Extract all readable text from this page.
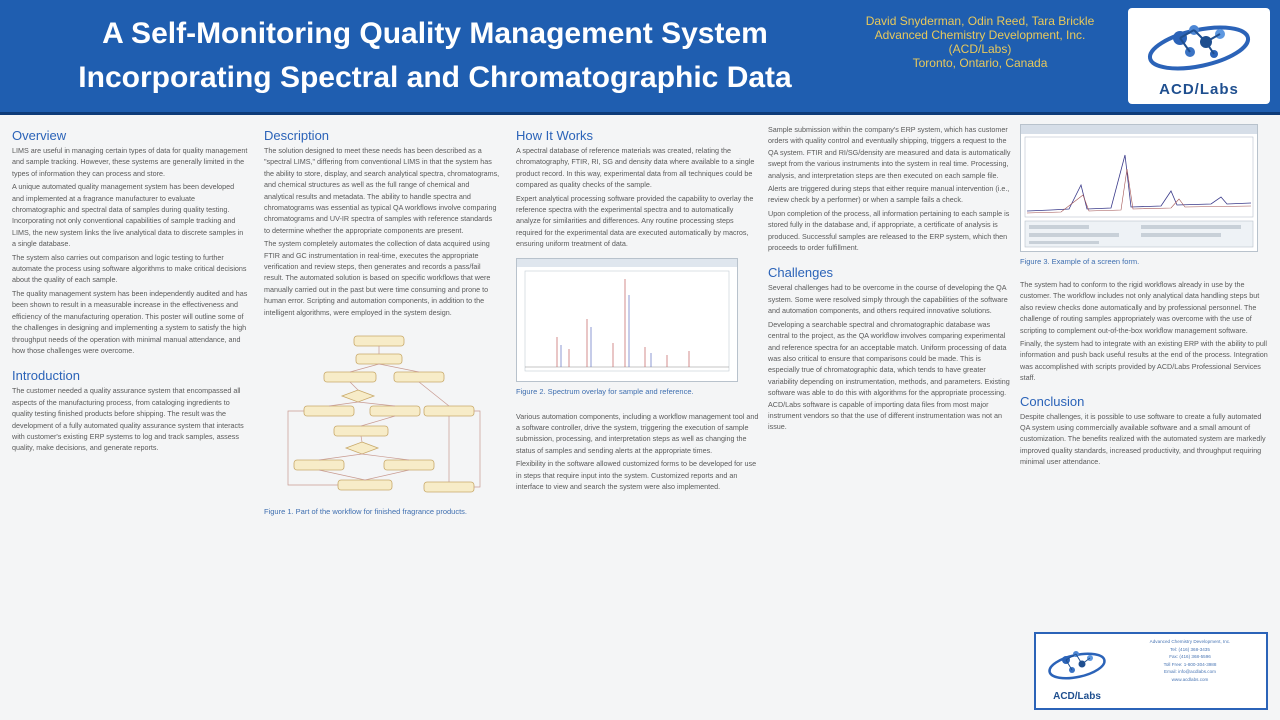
A Self-Monitoring Quality Management System
Incorporating Spectral and Chromatographic Data
David Snyderman, Odin Reed, Tara Brickle
Advanced Chemistry Development, Inc.
(ACD/Labs)
Toronto, Ontario, Canada
ACD/Labs
Overview

LIMS are useful in managing certain types of data for quality management and sample tracking. However, these systems are generally limited in the types of information they can process and store.

A unique automated quality management system has been developed and implemented at a fragrance manufacturer to evaluate chromatographic and spectral data of samples during quality testing. Incorporating not only conventional capabilities of sample tracking and LIMS, the new system links the live analytical data to discrete samples in a single database.

The system also carries out comparison and logic testing to further automate the process using software algorithms to make critical decisions about the quality of each sample.

The quality management system has been independently audited and has been shown to result in a measurable increase in the effectiveness and efficiency of the manufacturing operation. This poster will outline some of the challenges in designing and implementing a system to satisfy the high throughput needs of the operation with minimal manual attendance, and how those challenges were overcome.

Introduction

The customer needed a quality assurance system that encompassed all aspects of the manufacturing process, from cataloging ingredients to quality testing finished products before shipping. The result was the development of a fully automated quality assurance system that interacts with customer's existing ERP systems to log and track samples, assess quality, make decisions, and generate reports.

Description

The solution designed to meet these needs has been described as a "spectral LIMS," differing from conventional LIMS in that the system has the ability to store, display, and search analytical spectra, chromatograms, and chemical structures as well as the full range of chemical and analytical results and metadata. The ability to handle spectra and chromatograms was essential as typical QA workflows involve comparing chromatograms and UV-IR spectra of samples with reference standards to determine whether the appropriate components are present.

The system completely automates the collection of data acquired using FTIR and GC instrumentation in real-time, executes the appropriate verification and review steps, then generates and records a pass/fail result. The automated solution is based on specific workflows that were manually carried out in the past but were time consuming and prone to human error. Scripting and automation components, in addition to the intelligent algorithms, were employed in the system design.

Figure 1. Part of the workflow for finished fragrance products.
How It Works

A spectral database of reference materials was created, relating the chromatography, FTIR, RI, SG and density data where available to a single product record. In this way, experimental data from all techniques could be compared as quality checks of the sample.

Expert analytical processing software provided the capability to overlay the reference spectra with the experimental spectra and to automatically analyze for similarities and differences. Any routine processing steps required for the experimental data are executed automatically by macros, ensuring uniform treatment of data.

Figure 2. Spectrum overlay for sample and reference.

Various automation components, including a workflow management tool and a software controller, drive the system, triggering the execution of sample submission, processing, and interpretation steps as well as changing the status of samples and sending alerts at the appropriate times.

Flexibility in the software allowed customized forms to be developed for use in steps that require input into the system. Customized reports and an interface to view and search the system were also implemented.

Sample submission within the company's ERP system, which has customer orders with quality control and eventually shipping, triggers a request to the QA system. FTIR and RI/SG/density are measured and data is automatically swept from the various instruments into the system in real time. Processing, analysis, and interpretation steps are then executed on each sample file.

Alerts are triggered during steps that either require manual intervention (i.e., review check by a performer) or when a sample fails a check.

Upon completion of the process, all information pertaining to each sample is stored fully in the database and, if appropriate, a certificate of analysis is produced. Successful samples are released to the ERP system, which then proceeds to order fulfillment.

Challenges

Several challenges had to be overcome in the course of developing the QA system. Some were resolved simply through the capabilities of the software and automation components, and others required innovative solutions.

Developing a searchable spectral and chromatographic database was central to the project, as the QA workflow involves comparing experimental and reference spectra for an acceptable match. Uniform processing of data was also critical to ensure that comparisons could be made. This is especially true of chromatographic data, which tends to have greater variability depending on instrumentation, methods, and parameters. Existing software was able to do this with algorithms for the appropriate processing. ACD/Labs software is capable of importing data files from most major instrument vendors so that the use of different instrumentation was not an issue.

Figure 3. Example of a screen form.

The system had to conform to the rigid workflows already in use by the customer. The workflow includes not only analytical data handling steps but also review checks done automatically and by professional personnel. The challenge of routing samples appropriately was overcome with the use of scripting to complement out-of-the-box workflow management software.

Finally, the system had to integrate with an existing ERP with the ability to pull information and push back useful results at the end of the process. Integration was accomplished with scripts provided by ACD/Labs Professional Services staff.

Conclusion

Despite challenges, it is possible to use software to create a fully automated QA system using commercially available software and a small amount of customization. The benefits realized with the automated system are markedly improved quality standards, increased productivity, and throughput requiring minimal user attendance.

ACD/Labs
Advanced Chemistry Development, Inc.
Tel: (416) 368-3435
Fax: (416) 368-5596
Toll Free: 1-800-304-3988
Email: info@acdlabs.com
www.acdlabs.com
